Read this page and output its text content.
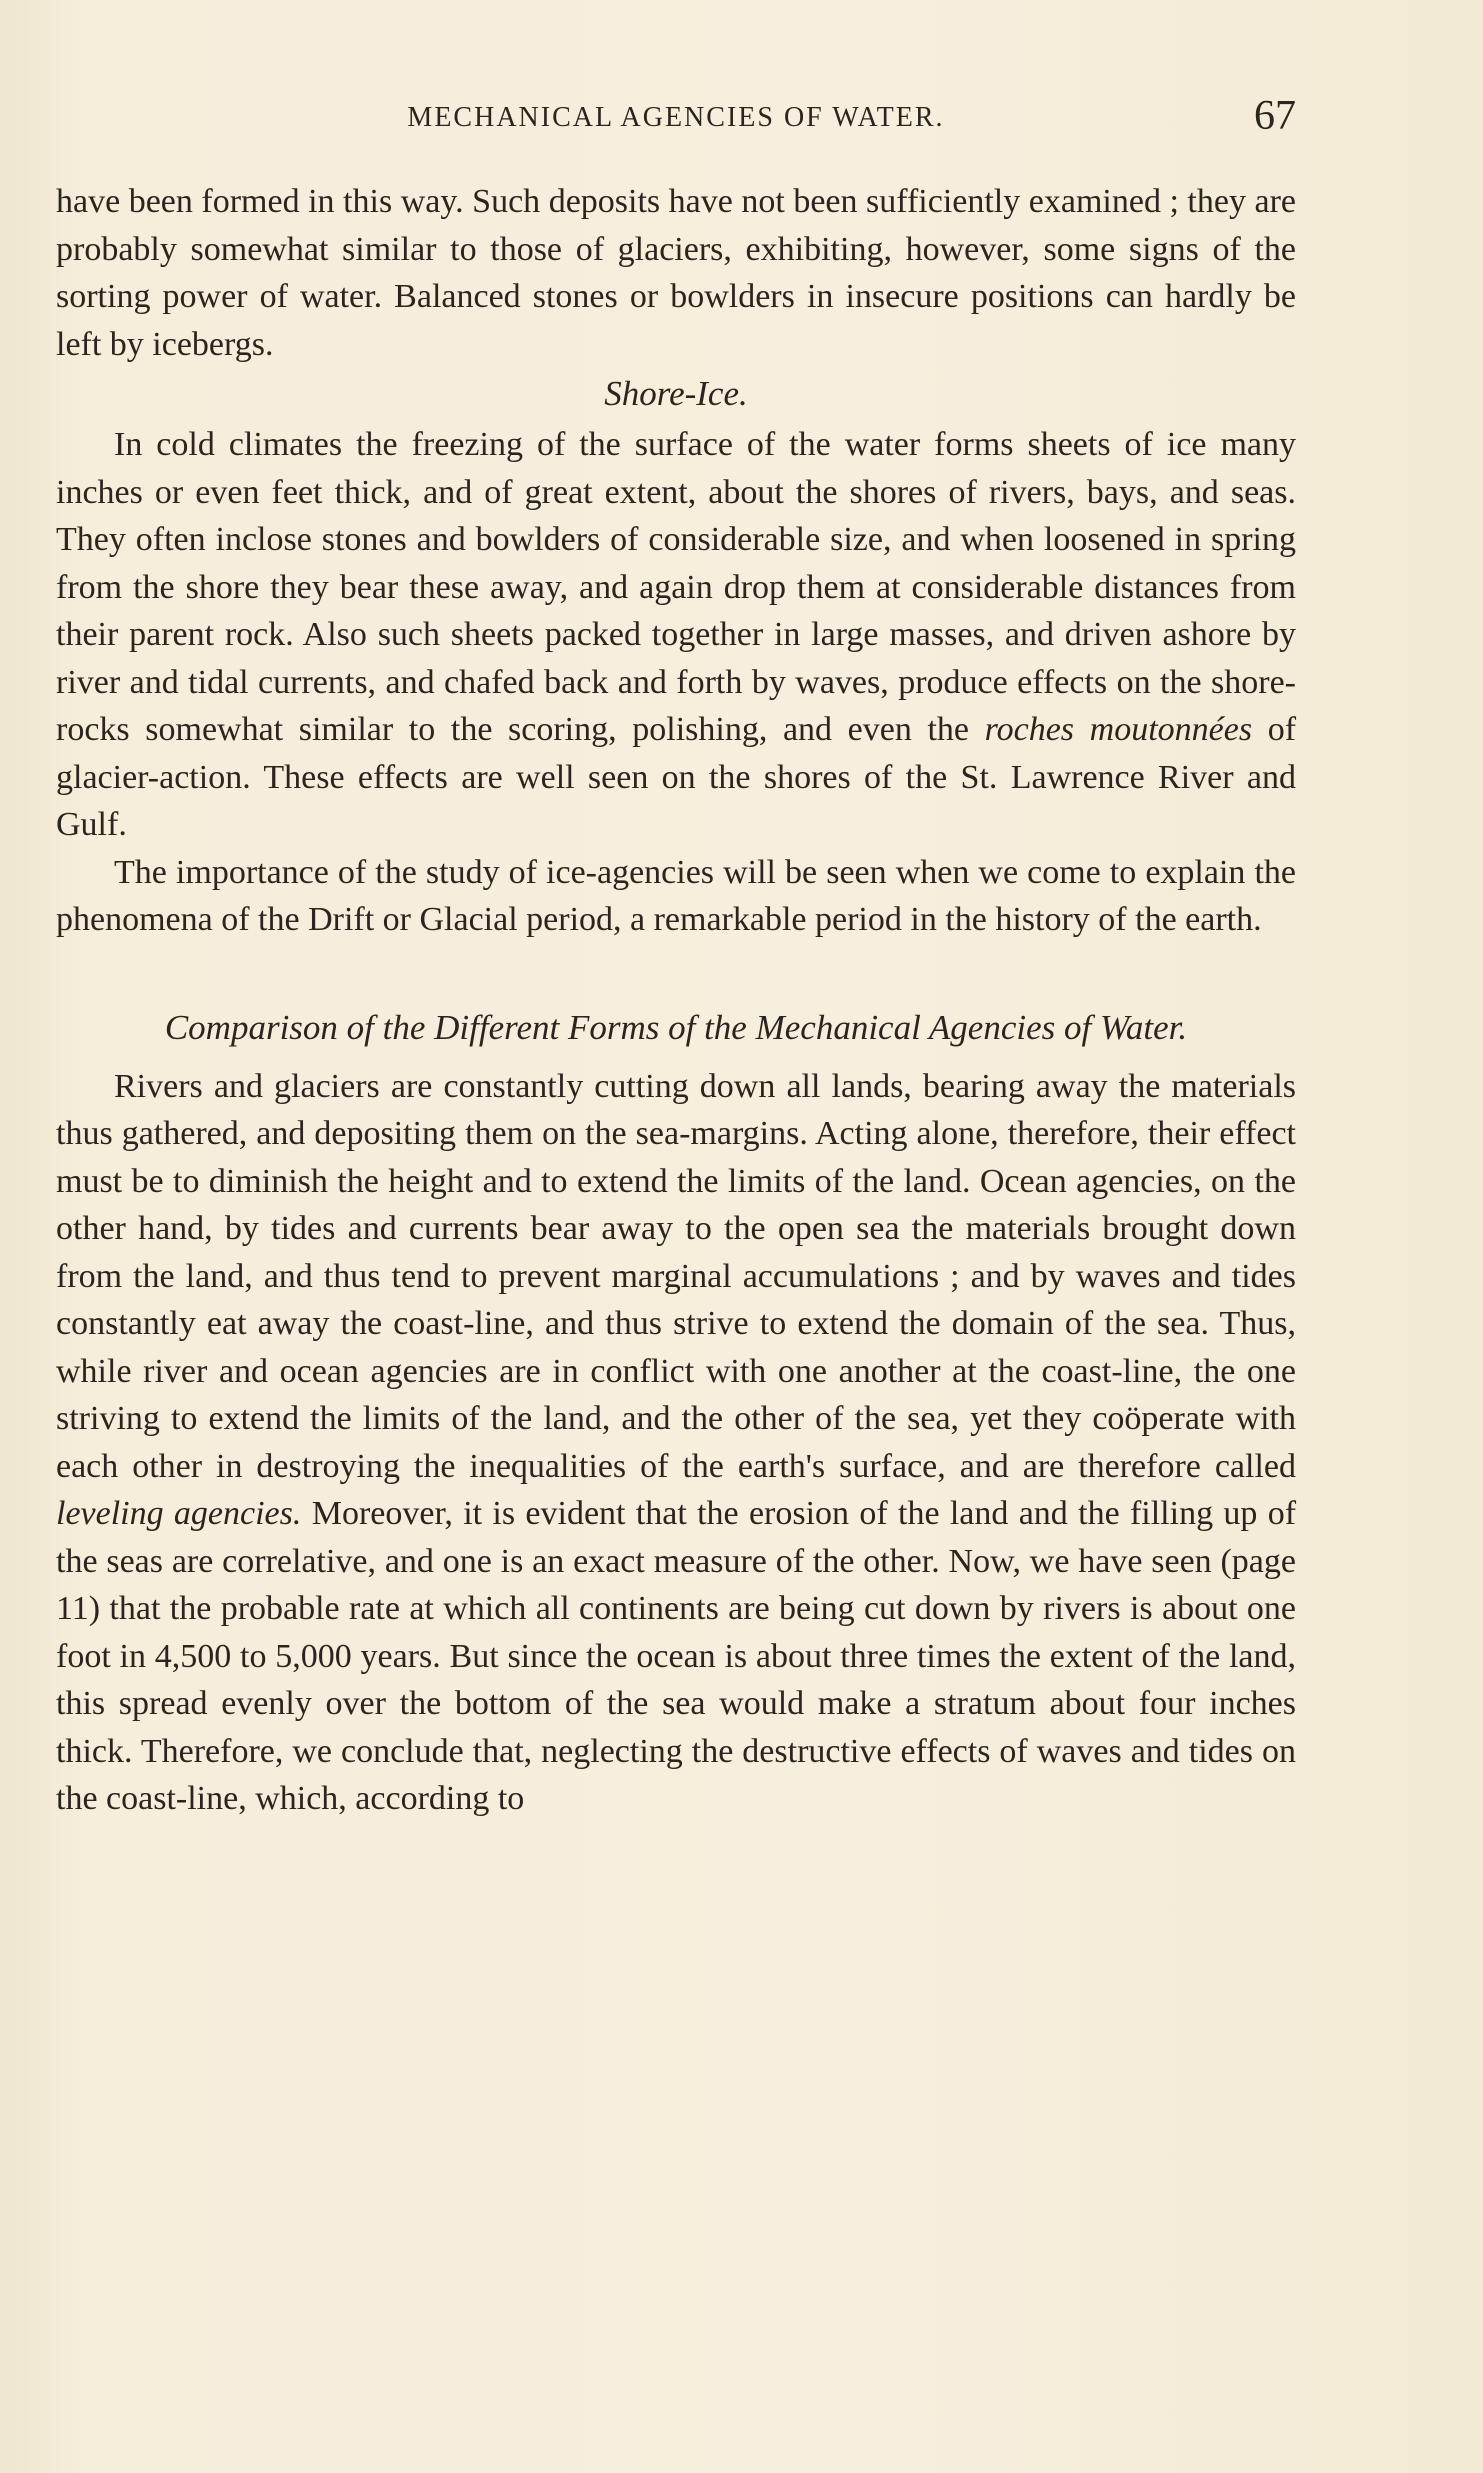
MECHANICAL AGENCIES OF WATER.	67

have been formed in this way. Such deposits have not been sufficiently examined ; they are probably somewhat similar to those of glaciers, exhibiting, however, some signs of the sorting power of water. Balanced stones or bowlders in insecure positions can hardly be left by icebergs.

Shore-Ice.

In cold climates the freezing of the surface of the water forms sheets of ice many inches or even feet thick, and of great extent, about the shores of rivers, bays, and seas. They often inclose stones and bowlders of considerable size, and when loosened in spring from the shore they bear these away, and again drop them at considerable distances from their parent rock. Also such sheets packed together in large masses, and driven ashore by river and tidal currents, and chafed back and forth by waves, produce effects on the shore-rocks somewhat similar to the scoring, polishing, and even the roches moutonnées of glacier-action. These effects are well seen on the shores of the St. Lawrence River and Gulf.

The importance of the study of ice-agencies will be seen when we come to explain the phenomena of the Drift or Glacial period, a remarkable period in the history of the earth.

Comparison of the Different Forms of the Mechanical Agencies of Water.

Rivers and glaciers are constantly cutting down all lands, bearing away the materials thus gathered, and depositing them on the sea-margins. Acting alone, therefore, their effect must be to diminish the height and to extend the limits of the land. Ocean agencies, on the other hand, by tides and currents bear away to the open sea the materials brought down from the land, and thus tend to prevent marginal accumulations ; and by waves and tides constantly eat away the coast-line, and thus strive to extend the domain of the sea. Thus, while river and ocean agencies are in conflict with one another at the coast-line, the one striving to extend the limits of the land, and the other of the sea, yet they coöperate with each other in destroying the inequalities of the earth's surface, and are therefore called leveling agencies. Moreover, it is evident that the erosion of the land and the filling up of the seas are correlative, and one is an exact measure of the other. Now, we have seen (page 11) that the probable rate at which all continents are being cut down by rivers is about one foot in 4,500 to 5,000 years. But since the ocean is about three times the extent of the land, this spread evenly over the bottom of the sea would make a stratum about four inches thick. Therefore, we conclude that, neglecting the destructive effects of waves and tides on the coast-line, which, according to
